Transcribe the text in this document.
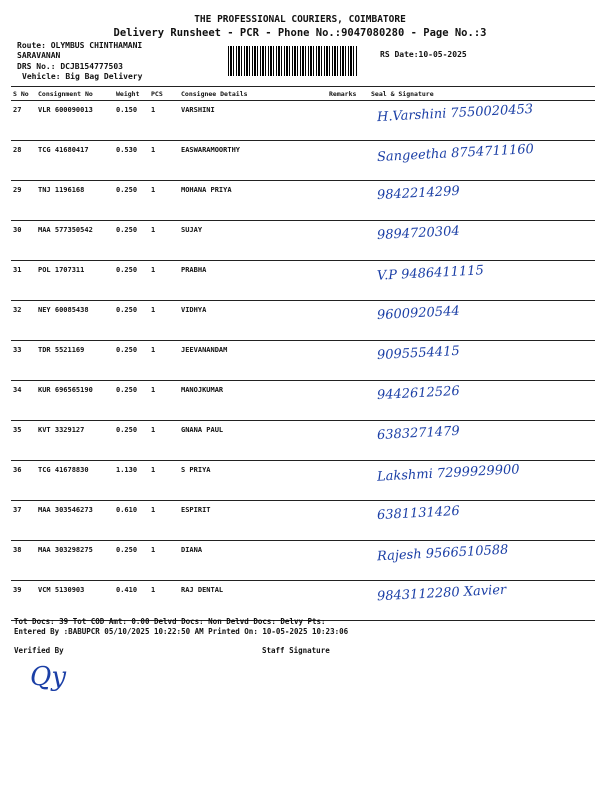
THE PROFESSIONAL COURIERS, COIMBATORE
Delivery Runsheet - PCR - Phone No.:9047080280 - Page No.:3
Route: OLYMBUS CHINTHAMANI
SARAVANAN
DRS No.: DCJB154777503
Vehicle: Big Bag Delivery
RS Date:10-05-2025
S No	Consignment No	Weight	PCS	Consignee Details	Remarks	Seal & Signature
27	VLR 600090013	0.150	1	VARSHINI		H.Varshini 7550020453
28	TCG 41680417	0.530	1	EASWARAMOORTHY		Sangeetha 8754711160
29	TNJ 1196168	0.250	1	MOHANA PRIYA		9842214299
30	MAA 577350542	0.250	1	SUJAY		9894720304
31	POL 1707311	0.250	1	PRABHA		V.P 9486411115
32	NEY 60085438	0.250	1	VIDHYA		9600920544
33	TDR 5521169	0.250	1	JEEVANANDAM		9095554415
34	KUR 696565190	0.250	1	MANOJKUMAR		9442612526
35	KVT 3329127	0.250	1	GNANA PAUL		6383271479
36	TCG 41678830	1.130	1	S PRIYA		Lakshmi 7299929900
37	MAA 303546273	0.610	1	ESPIRIT		6381131426
38	MAA 303298275	0.250	1	DIANA		Rajesh 9566510588
39	VCM 5130903	0.410	1	RAJ DENTAL		9843112280 Xavier
Tot Docs: 39 Tot COD Amt: 0.00 Delvd Docs: Non Delvd Docs: Delvy Pts:
Entered By :BABUPCR 05/10/2025 10:22:50 AM Printed On: 10-05-2025 10:23:06
Verified By	Staff Signature
Qy
